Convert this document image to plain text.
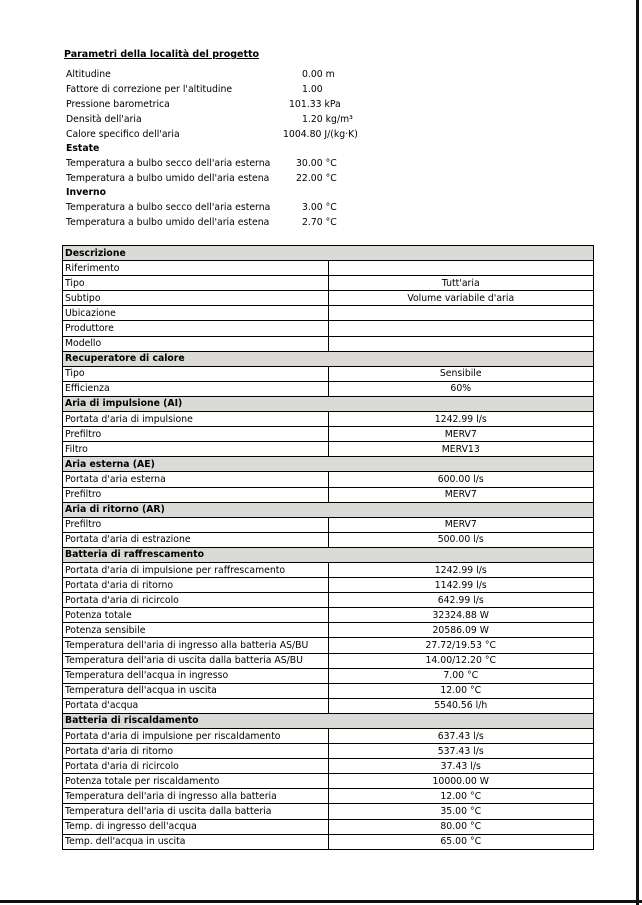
Parametri della località del progetto
Altitudine	0.00 m
Fattore di correzione per l'altitudine	1.00
Pressione barometrica	101.33 kPa
Densità dell'aria	1.20 kg/m³
Calore specifico dell'aria	1004.80 J/(kg·K)
Estate
Temperatura a bulbo secco dell'aria esterna	30.00 °C
Temperatura a bulbo umido dell'aria estena	22.00 °C
Inverno
Temperatura a bulbo secco dell'aria esterna	3.00 °C
Temperatura a bulbo umido dell'aria estena	2.70 °C
Descrizione	
Riferimento	
Tipo	Tutt'aria
Subtipo	Volume variabile d'aria
Ubicazione	
Produttore	
Modello	
Recuperatore di calore	
Tipo	Sensibile
Efficienza	60%
Aria di impulsione (AI)	
Portata d'aria di impulsione	1242.99 l/s
Prefiltro	MERV7
Filtro	MERV13
Aria esterna (AE)	
Portata d'aria esterna	600.00 l/s
Prefiltro	MERV7
Aria di ritorno (AR)	
Prefiltro	MERV7
Portata d'aria di estrazione	500.00 l/s
Batteria di raffrescamento	
Portata d'aria di impulsione per raffrescamento	1242.99 l/s
Portata d'aria di ritorno	1142.99 l/s
Portata d'aria di ricircolo	642.99 l/s
Potenza totale	32324.88 W
Potenza sensibile	20586.09 W
Temperatura dell'aria di ingresso alla batteria AS/BU	27.72/19.53 °C
Temperatura dell'aria di uscita dalla batteria AS/BU	14.00/12.20 °C
Temperatura dell'acqua in ingresso	7.00 °C
Temperatura dell'acqua in uscita	12.00 °C
Portata d'acqua	5540.56 l/h
Batteria di riscaldamento	
Portata d'aria di impulsione per riscaldamento	637.43 l/s
Portata d'aria di ritorno	537.43 l/s
Portata d'aria di ricircolo	37.43 l/s
Potenza totale per riscaldamento	10000.00 W
Temperatura dell'aria di ingresso alla batteria	12.00 °C
Temperatura dell'aria di uscita dalla batteria	35.00 °C
Temp. di ingresso dell'acqua	80.00 °C
Temp. dell'acqua in uscita	65.00 °C
